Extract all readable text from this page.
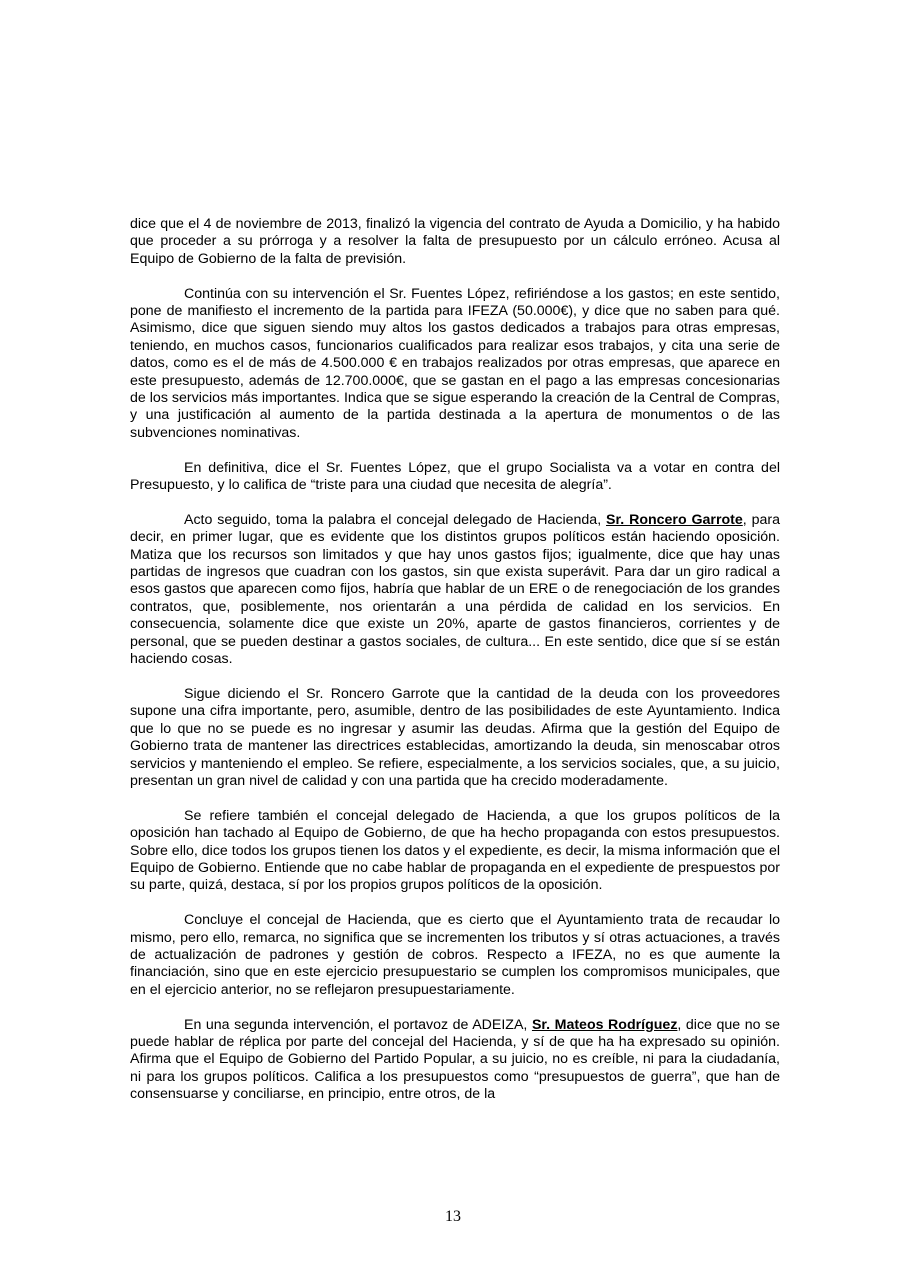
dice que el 4 de noviembre de 2013, finalizó la vigencia del contrato de Ayuda a Domicilio, y ha habido que proceder a su prórroga y a resolver la falta de presupuesto por un cálculo erróneo. Acusa al Equipo de Gobierno de la falta de previsión.

Continúa con su intervención el Sr. Fuentes López, refiriéndose a los gastos; en este sentido, pone de manifiesto el incremento de la partida para IFEZA (50.000€), y dice que no saben para qué. Asimismo, dice que siguen siendo muy altos los gastos dedicados a trabajos para otras empresas, teniendo, en muchos casos, funcionarios cualificados para realizar esos trabajos, y cita una serie de datos, como es el de más de 4.500.000 € en trabajos realizados por otras empresas, que aparece en este presupuesto, además de 12.700.000€, que se gastan en el pago a las empresas concesionarias de los servicios más importantes. Indica que se sigue esperando la creación de la Central de Compras, y una justificación al aumento de la partida destinada a la apertura de monumentos o de las subvenciones nominativas.

En definitiva, dice el Sr. Fuentes López, que el grupo Socialista va a votar en contra del Presupuesto, y lo califica de “triste para una ciudad que necesita de alegría”.

Acto seguido, toma la palabra el concejal delegado de Hacienda, Sr. Roncero Garrote, para decir, en primer lugar, que es evidente que los distintos grupos políticos están haciendo oposición. Matiza que los recursos son limitados y que hay unos gastos fijos; igualmente, dice que hay unas partidas de ingresos que cuadran con los gastos, sin que exista superávit. Para dar un giro radical a esos gastos que aparecen como fijos, habría que hablar de un ERE o de renegociación de los grandes contratos, que, posiblemente, nos orientarán a una pérdida de calidad en los servicios. En consecuencia, solamente dice que existe un 20%, aparte de gastos financieros, corrientes y de personal, que se pueden destinar a gastos sociales, de cultura... En este sentido, dice que sí se están haciendo cosas.

Sigue diciendo el Sr. Roncero Garrote que la cantidad de la deuda con los proveedores supone una cifra importante, pero, asumible, dentro de las posibilidades de este Ayuntamiento. Indica que lo que no se puede es no ingresar y asumir las deudas. Afirma que la gestión del Equipo de Gobierno trata de mantener las directrices establecidas, amortizando la deuda, sin menoscabar otros servicios y manteniendo el empleo. Se refiere, especialmente, a los servicios sociales, que, a su juicio, presentan un gran nivel de calidad y con una partida que ha crecido moderadamente.

Se refiere también el concejal delegado de Hacienda, a que los grupos políticos de la oposición han tachado al Equipo de Gobierno, de que ha hecho propaganda con estos presupuestos. Sobre ello, dice todos los grupos tienen los datos y el expediente, es decir, la misma información que el Equipo de Gobierno. Entiende que no cabe hablar de propaganda en el expediente de prespuestos por su parte, quizá, destaca, sí por los propios grupos políticos de la oposición.

Concluye el concejal de Hacienda, que es cierto que el Ayuntamiento trata de recaudar lo mismo, pero ello, remarca, no significa que se incrementen los tributos y sí otras actuaciones, a través de actualización de padrones y gestión de cobros. Respecto a IFEZA, no es que aumente la financiación, sino que en este ejercicio presupuestario se cumplen los compromisos municipales, que en el ejercicio anterior, no se reflejaron presupuestariamente.

En una segunda intervención, el portavoz de ADEIZA, Sr. Mateos Rodríguez, dice que no se puede hablar de réplica por parte del concejal del Hacienda, y sí de que ha ha expresado su opinión. Afirma que el Equipo de Gobierno del Partido Popular, a su juicio, no es creíble, ni para la ciudadanía, ni para los grupos políticos. Califica a los presupuestos como “presupuestos de guerra”, que han de consensuarse y conciliarse, en principio, entre otros, de la

13
